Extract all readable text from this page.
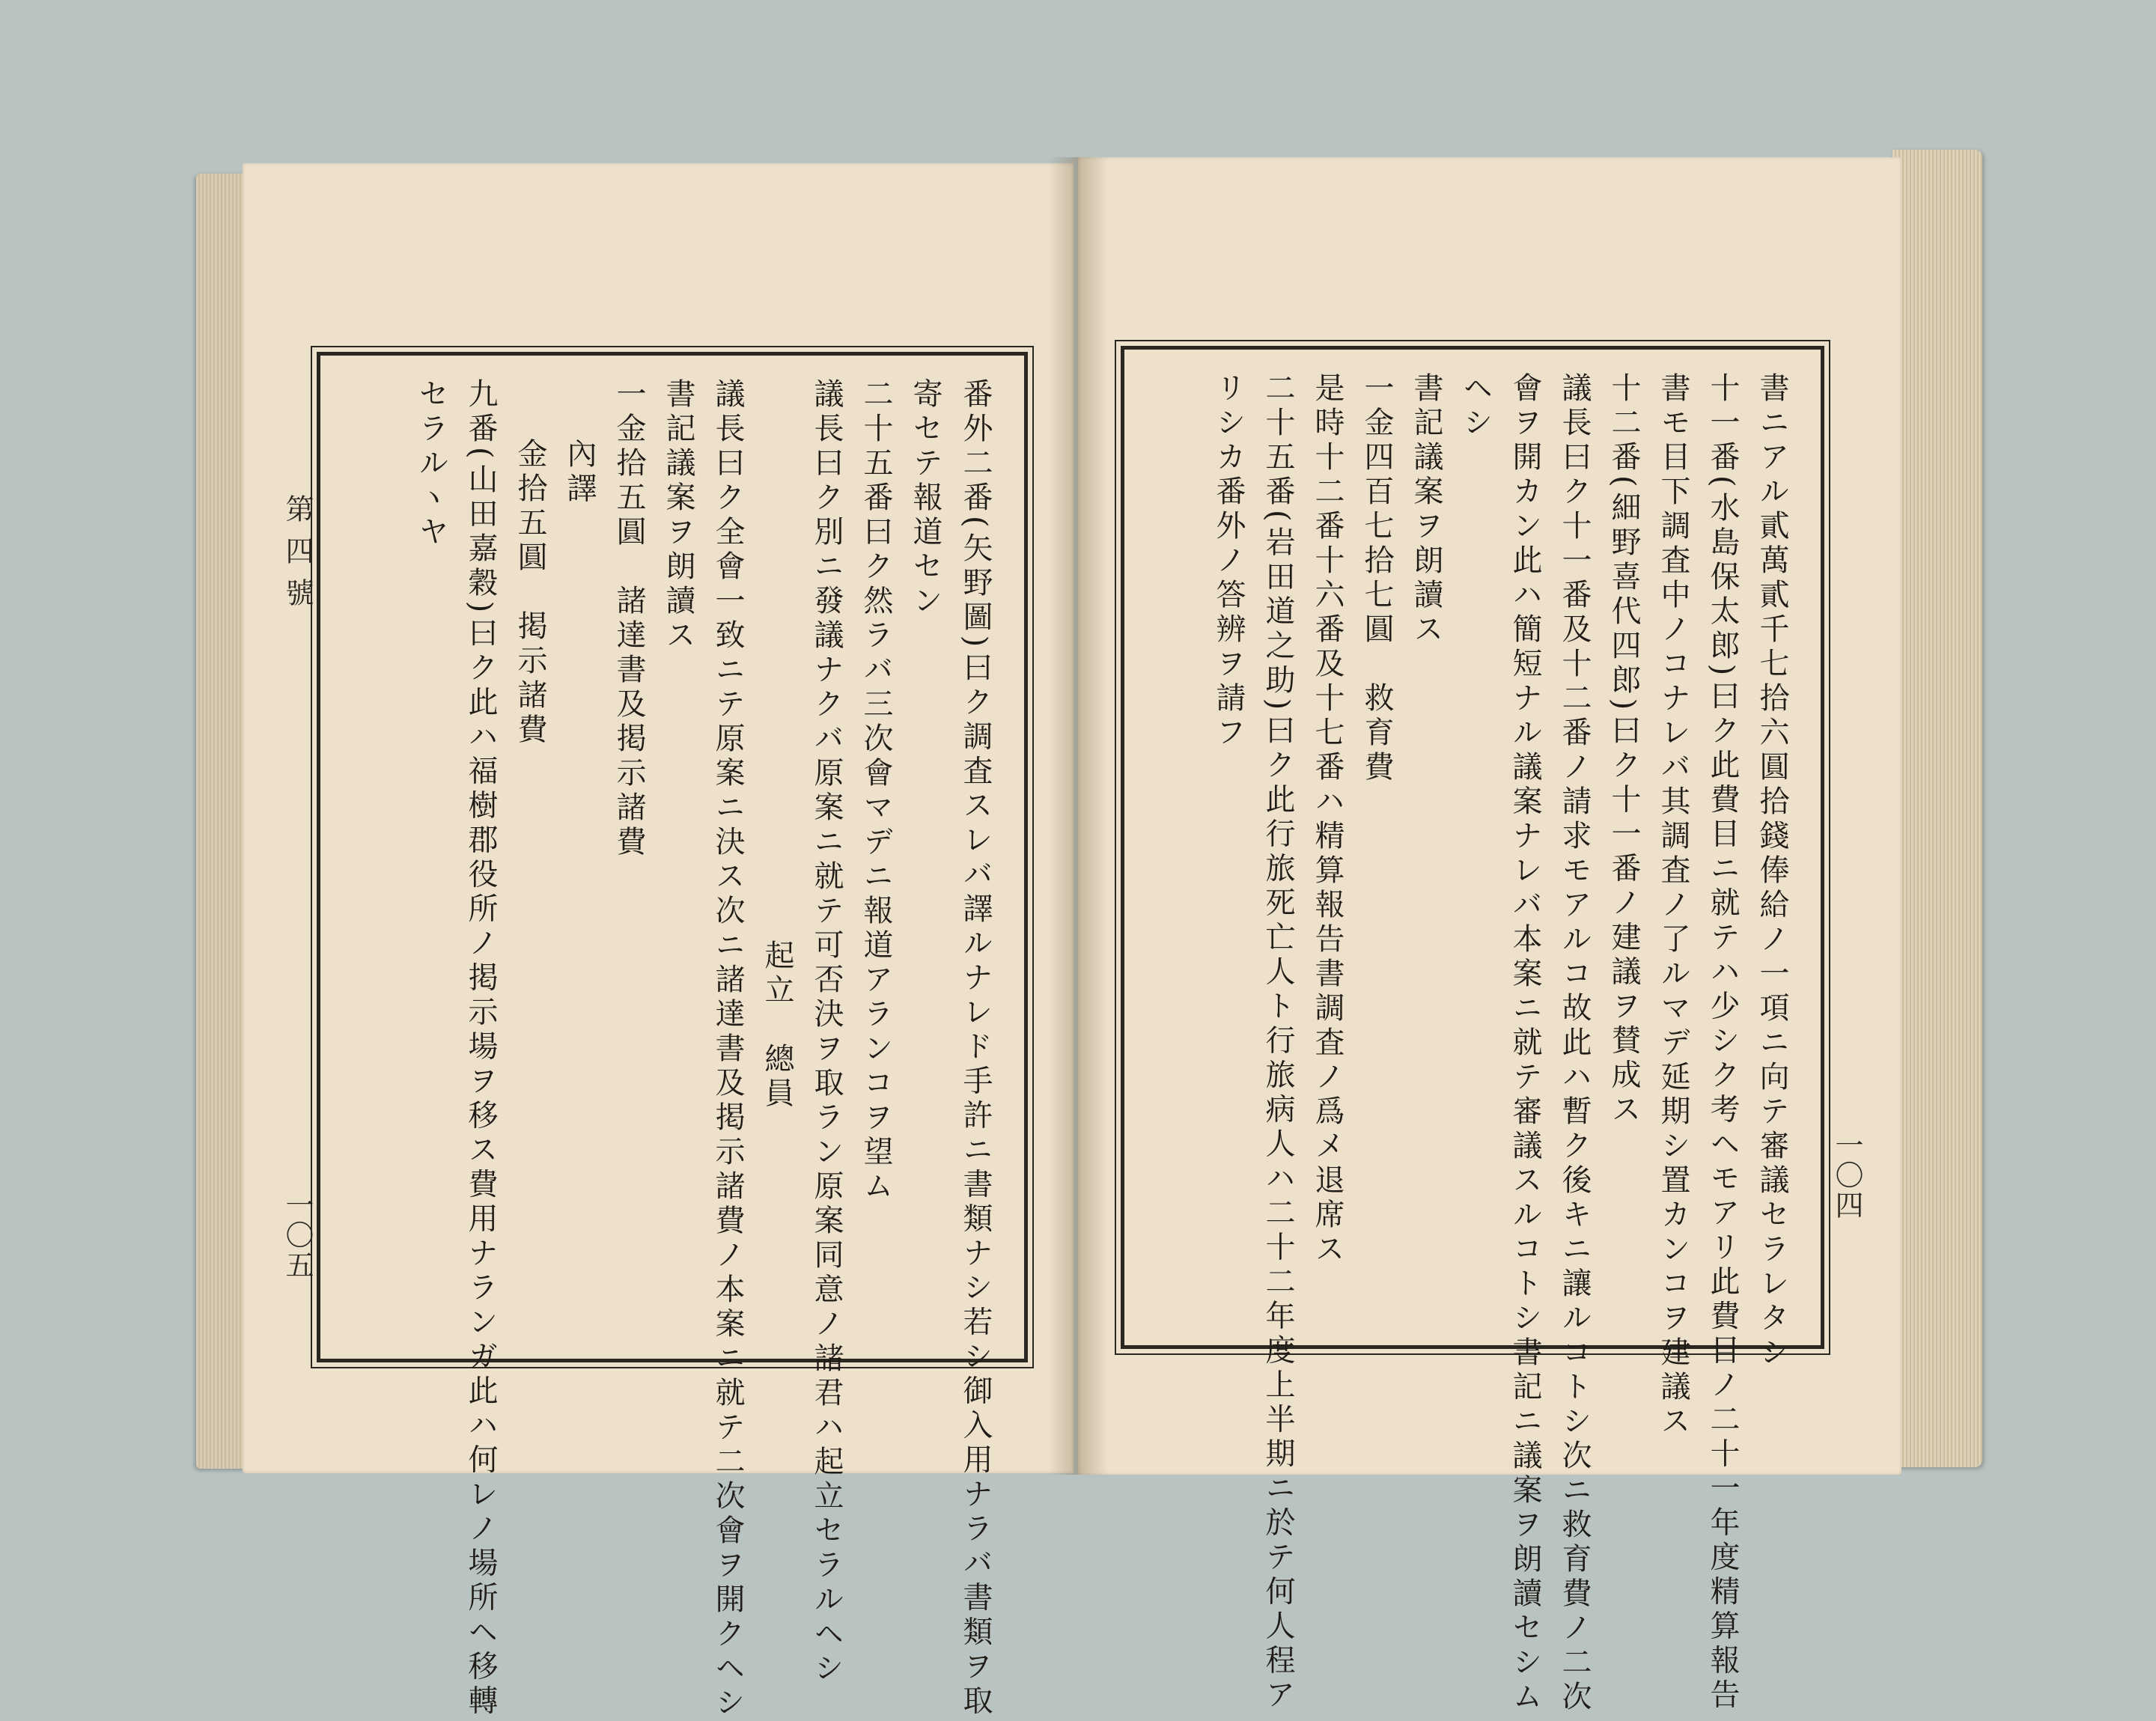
第四號
一〇五
一〇四
番外二番(矢野圖)曰ク調査スレバ譯ルナレド手許ニ書類ナシ若シ御入用ナラバ書類ヲ取
寄セテ報道セン
二十五番曰ク然ラバ三次會マデニ報道アランコヲ望ム
議長曰ク別ニ發議ナクバ原案ニ就テ可否決ヲ取ラン原案同意ノ諸君ハ起立セラルヘシ
起立　總員
議長曰ク全會一致ニテ原案ニ決ス次ニ諸達書及掲示諸費ノ本案ニ就テ二次會ヲ開クヘシ
書記議案ヲ朗讀ス
一金拾五圓　諸達書及掲示諸費
內譯
金拾五圓　掲示諸費
九番(山田嘉穀)曰ク此ハ福樹郡役所ノ掲示場ヲ移ス費用ナランガ此ハ何レノ場所ヘ移轉
セラルヽヤ	書ニアル貳萬貳千七拾六圓拾錢俸給ノ一項ニ向テ審議セラレタシ
十一番(水島保太郎)曰ク此費目ニ就テハ少シク考ヘモアリ此費目ノ二十一年度精算報告
書モ目下調査中ノコナレバ其調査ノ了ルマデ延期シ置カンコヲ建議ス
十二番(細野喜代四郎)曰ク十一番ノ建議ヲ賛成ス
議長曰ク十一番及十二番ノ請求モアルコ故此ハ暫ク後キニ讓ルコトシ次ニ救育費ノ二次
會ヲ開カン此ハ簡短ナル議案ナレバ本案ニ就テ審議スルコトシ書記ニ議案ヲ朗讀セシム
ヘシ
書記議案ヲ朗讀ス
一金四百七拾七圓　救育費
是時十二番十六番及十七番ハ精算報告書調査ノ爲メ退席ス
二十五番(岩田道之助)曰ク此行旅死亡人ト行旅病人ハ二十二年度上半期ニ於テ何人程ア
リシカ番外ノ答辨ヲ請フ
